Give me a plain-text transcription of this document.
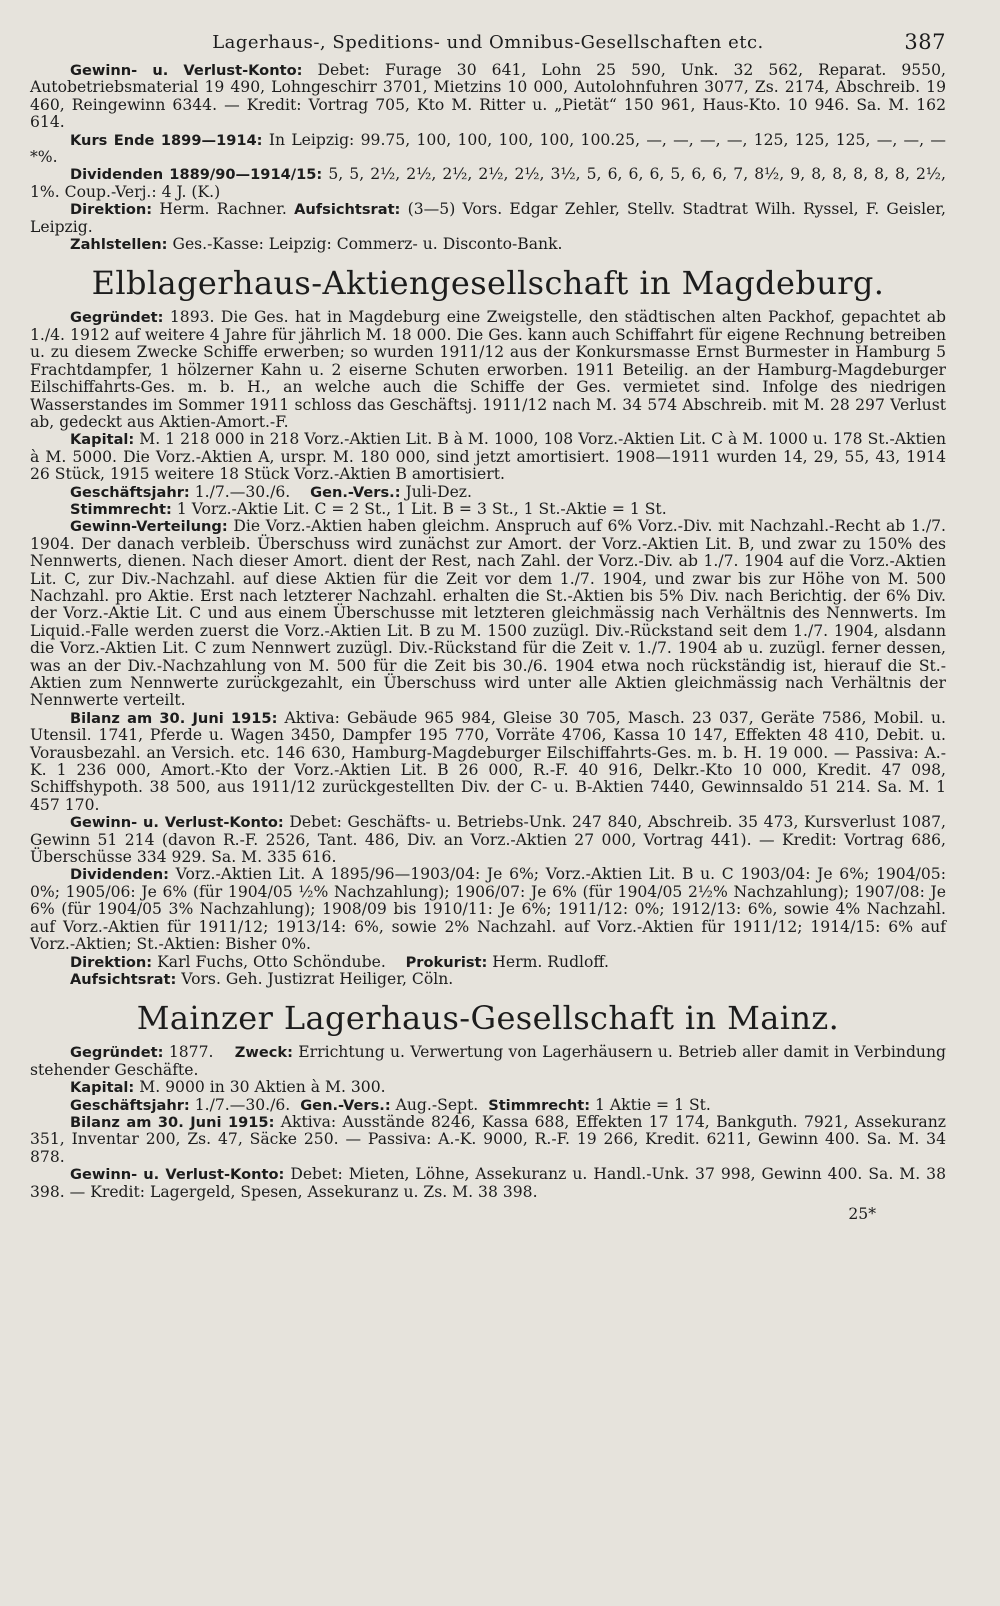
Lagerhaus-, Speditions- und Omnibus-Gesellschaften etc.	387

Gewinn- u. Verlust-Konto: Debet: Furage 30 641, Lohn 25 590, Unk. 32 562, Reparat. 9550, Autobetriebsmaterial 19 490, Lohngeschirr 3701, Mietzins 10 000, Autolohnfuhren 3077, Zs. 2174, Abschreib. 19 460, Reingewinn 6344. — Kredit: Vortrag 705, Kto M. Ritter u. „Pietät“ 150 961, Haus-Kto. 10 946. Sa. M. 162 614.

Kurs Ende 1899—1914: In Leipzig: 99.75, 100, 100, 100, 100, 100.25, —, —, —, —, 125, 125, 125, —, —, —*%.

Dividenden 1889/90—1914/15: 5, 5, 2½, 2½, 2½, 2½, 2½, 3½, 5, 6, 6, 6, 5, 6, 6, 7, 8½, 9, 8, 8, 8, 8, 8, 2½, 1%. Coup.-Verj.: 4 J. (K.)

Direktion: Herm. Rachner. Aufsichtsrat: (3—5) Vors. Edgar Zehler, Stellv. Stadtrat Wilh. Ryssel, F. Geisler, Leipzig.

Zahlstellen: Ges.-Kasse: Leipzig: Commerz- u. Disconto-Bank.

Elblagerhaus-Aktiengesellschaft in Magdeburg.

Gegründet: 1893. Die Ges. hat in Magdeburg eine Zweigstelle, den städtischen alten Packhof, gepachtet ab 1./4. 1912 auf weitere 4 Jahre für jährlich M. 18 000. Die Ges. kann auch Schiffahrt für eigene Rechnung betreiben u. zu diesem Zwecke Schiffe erwerben; so wurden 1911/12 aus der Konkursmasse Ernst Burmester in Hamburg 5 Frachtdampfer, 1 hölzerner Kahn u. 2 eiserne Schuten erworben. 1911 Beteilig. an der Hamburg-Magdeburger Eilschiffahrts-Ges. m. b. H., an welche auch die Schiffe der Ges. vermietet sind. Infolge des niedrigen Wasserstandes im Sommer 1911 schloss das Geschäftsj. 1911/12 nach M. 34 574 Abschreib. mit M. 28 297 Verlust ab, gedeckt aus Aktien-Amort.-F.

Kapital: M. 1 218 000 in 218 Vorz.-Aktien Lit. B à M. 1000, 108 Vorz.-Aktien Lit. C à M. 1000 u. 178 St.-Aktien à M. 5000. Die Vorz.-Aktien A, urspr. M. 180 000, sind jetzt amortisiert. 1908—1911 wurden 14, 29, 55, 43, 1914 26 Stück, 1915 weitere 18 Stück Vorz.-Aktien B amortisiert.

Geschäftsjahr: 1./7.—30./6. Gen.-Vers.: Juli-Dez.

Stimmrecht: 1 Vorz.-Aktie Lit. C = 2 St., 1 Lit. B = 3 St., 1 St.-Aktie = 1 St.

Gewinn-Verteilung: Die Vorz.-Aktien haben gleichm. Anspruch auf 6% Vorz.-Div. mit Nachzahl.-Recht ab 1./7. 1904. Der danach verbleib. Überschuss wird zunächst zur Amort. der Vorz.-Aktien Lit. B, und zwar zu 150% des Nennwerts, dienen. Nach dieser Amort. dient der Rest, nach Zahl. der Vorz.-Div. ab 1./7. 1904 auf die Vorz.-Aktien Lit. C, zur Div.-Nachzahl. auf diese Aktien für die Zeit vor dem 1./7. 1904, und zwar bis zur Höhe von M. 500 Nachzahl. pro Aktie. Erst nach letzterer Nachzahl. erhalten die St.-Aktien bis 5% Div. nach Berichtig. der 6% Div. der Vorz.-Aktie Lit. C und aus einem Überschusse mit letzteren gleichmässig nach Verhältnis des Nennwerts. Im Liquid.-Falle werden zuerst die Vorz.-Aktien Lit. B zu M. 1500 zuzügl. Div.-Rückstand seit dem 1./7. 1904, alsdann die Vorz.-Aktien Lit. C zum Nennwert zuzügl. Div.-Rückstand für die Zeit v. 1./7. 1904 ab u. zuzügl. ferner dessen, was an der Div.-Nachzahlung von M. 500 für die Zeit bis 30./6. 1904 etwa noch rückständig ist, hierauf die St.-Aktien zum Nennwerte zurückgezahlt, ein Überschuss wird unter alle Aktien gleichmässig nach Verhältnis der Nennwerte verteilt.

Bilanz am 30. Juni 1915: Aktiva: Gebäude 965 984, Gleise 30 705, Masch. 23 037, Geräte 7586, Mobil. u. Utensil. 1741, Pferde u. Wagen 3450, Dampfer 195 770, Vorräte 4706, Kassa 10 147, Effekten 48 410, Debit. u. Vorausbezahl. an Versich. etc. 146 630, Hamburg-Magdeburger Eilschiffahrts-Ges. m. b. H. 19 000. — Passiva: A.-K. 1 236 000, Amort.-Kto der Vorz.-Aktien Lit. B 26 000, R.-F. 40 916, Delkr.-Kto 10 000, Kredit. 47 098, Schiffshypoth. 38 500, aus 1911/12 zurückgestellten Div. der C- u. B-Aktien 7440, Gewinnsaldo 51 214. Sa. M. 1 457 170.

Gewinn- u. Verlust-Konto: Debet: Geschäfts- u. Betriebs-Unk. 247 840, Abschreib. 35 473, Kursverlust 1087, Gewinn 51 214 (davon R.-F. 2526, Tant. 486, Div. an Vorz.-Aktien 27 000, Vortrag 441). — Kredit: Vortrag 686, Überschüsse 334 929. Sa. M. 335 616.

Dividenden: Vorz.-Aktien Lit. A 1895/96—1903/04: Je 6%; Vorz.-Aktien Lit. B u. C 1903/04: Je 6%; 1904/05: 0%; 1905/06: Je 6% (für 1904/05 ½% Nachzahlung); 1906/07: Je 6% (für 1904/05 2½% Nachzahlung); 1907/08: Je 6% (für 1904/05 3% Nachzahlung); 1908/09 bis 1910/11: Je 6%; 1911/12: 0%; 1912/13: 6%, sowie 4% Nachzahl. auf Vorz.-Aktien für 1911/12; 1913/14: 6%, sowie 2% Nachzahl. auf Vorz.-Aktien für 1911/12; 1914/15: 6% auf Vorz.-Aktien; St.-Aktien: Bisher 0%.

Direktion: Karl Fuchs, Otto Schöndube. Prokurist: Herm. Rudloff.

Aufsichtsrat: Vors. Geh. Justizrat Heiliger, Cöln.

Mainzer Lagerhaus-Gesellschaft in Mainz.

Gegründet: 1877. Zweck: Errichtung u. Verwertung von Lagerhäusern u. Betrieb aller damit in Verbindung stehender Geschäfte.

Kapital: M. 9000 in 30 Aktien à M. 300.

Geschäftsjahr: 1./7.—30./6. Gen.-Vers.: Aug.-Sept. Stimmrecht: 1 Aktie = 1 St.

Bilanz am 30. Juni 1915: Aktiva: Ausstände 8246, Kassa 688, Effekten 17 174, Bankguth. 7921, Assekuranz 351, Inventar 200, Zs. 47, Säcke 250. — Passiva: A.-K. 9000, R.-F. 19 266, Kredit. 6211, Gewinn 400. Sa. M. 34 878.

Gewinn- u. Verlust-Konto: Debet: Mieten, Löhne, Assekuranz u. Handl.-Unk. 37 998, Gewinn 400. Sa. M. 38 398. — Kredit: Lagergeld, Spesen, Assekuranz u. Zs. M. 38 398.

25*
